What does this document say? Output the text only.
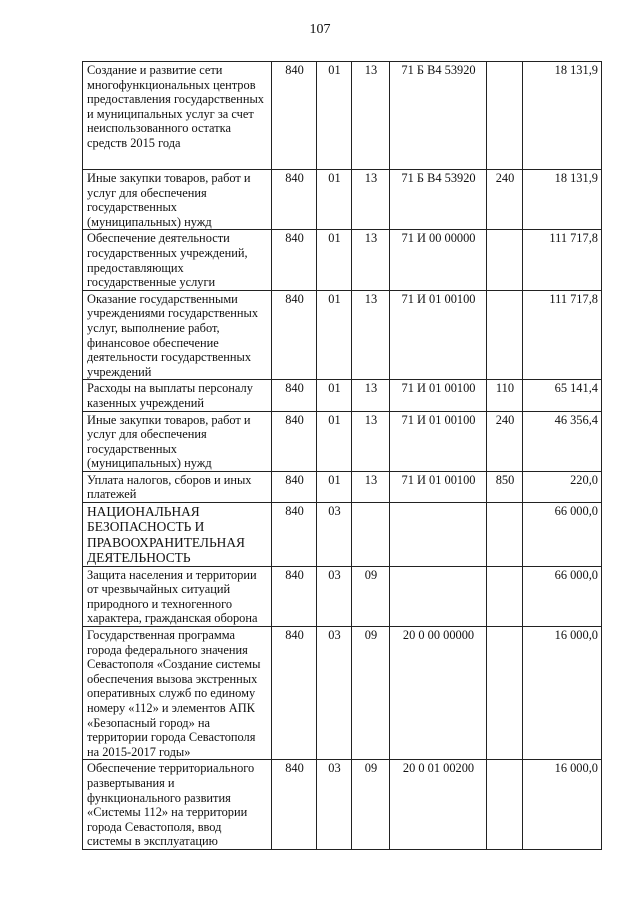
107
Создание и развитие сети многофункциональных центров предоставления государственных и муниципальных услуг за счет неиспользованного остатка средств 2015 года	840	01	13	71 Б В4 53920		18 131,9
Иные закупки товаров, работ и услуг для обеспечения государственных (муниципальных) нужд	840	01	13	71 Б В4 53920	240	18 131,9
Обеспечение деятельности государственных учреждений, предоставляющих государственные услуги	840	01	13	71 И 00 00000		111 717,8
Оказание государственными учреждениями государственных услуг, выполнение работ, финансовое обеспечение деятельности государственных учреждений	840	01	13	71 И 01 00100		111 717,8
Расходы на выплаты персоналу казенных учреждений	840	01	13	71 И 01 00100	110	65 141,4
Иные закупки товаров, работ и услуг для обеспечения государственных (муниципальных) нужд	840	01	13	71 И 01 00100	240	46 356,4
Уплата налогов, сборов и иных платежей	840	01	13	71 И 01 00100	850	220,0
НАЦИОНАЛЬНАЯ БЕЗОПАСНОСТЬ И ПРАВООХРАНИТЕЛЬНАЯ ДЕЯТЕЛЬНОСТЬ	840	03				66 000,0
Защита населения и территории от чрезвычайных ситуаций природного и техногенного характера, гражданская оборона	840	03	09			66 000,0
Государственная программа города федерального значения Севастополя «Создание системы обеспечения вызова экстренных оперативных служб по единому номеру «112» и элементов АПК «Безопасный город» на территории города Севастополя на 2015-2017 годы»	840	03	09	20 0 00 00000		16 000,0
Обеспечение территориального развертывания и функционального развития «Системы 112» на территории города Севастополя, ввод системы в эксплуатацию	840	03	09	20 0 01 00200		16 000,0
